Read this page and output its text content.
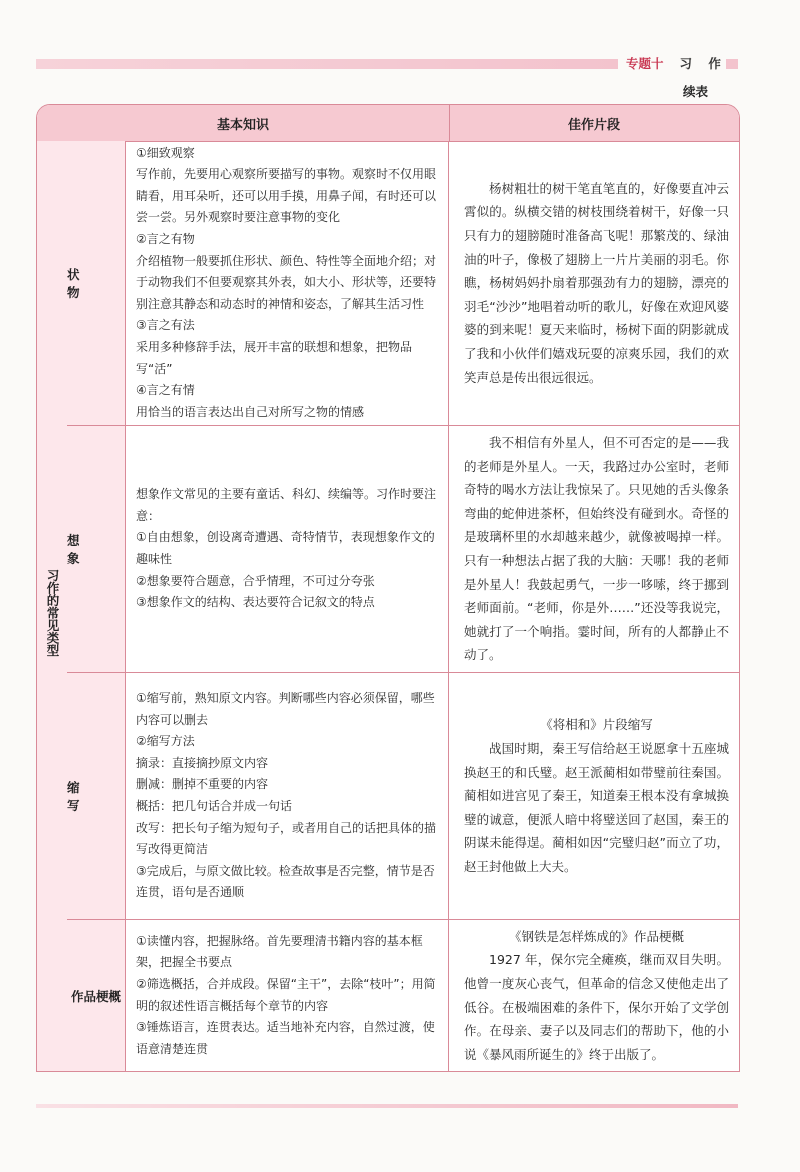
专题十 习 作
续表
基本知识	佳作片段
习作的常见类型
状 物
①细致观察
写作前，先要用心观察所要描写的事物。观察时不仅用眼睛看，用耳朵听，还可以用手摸，用鼻子闻，有时还可以尝一尝。另外观察时要注意事物的变化
②言之有物
介绍植物一般要抓住形状、颜色、特性等全面地介绍；对于动物我们不但要观察其外表，如大小、形状等，还要特别注意其静态和动态时的神情和姿态，了解其生活习性
③言之有法
采用多种修辞手法，展开丰富的联想和想象，把物品写“活”
④言之有情
用恰当的语言表达出自己对所写之物的情感
杨树粗壮的树干笔直笔直的，好像要直冲云霄似的。纵横交错的树枝围绕着树干，好像一只只有力的翅膀随时准备高飞呢！那繁茂的、绿油油的叶子，像极了翅膀上一片片美丽的羽毛。你瞧，杨树妈妈扑扇着那强劲有力的翅膀，漂亮的羽毛“沙沙”地唱着动听的歌儿，好像在欢迎风婆婆的到来呢！夏天来临时，杨树下面的阴影就成了我和小伙伴们嬉戏玩耍的凉爽乐园，我们的欢笑声总是传出很远很远。
想 象
想象作文常见的主要有童话、科幻、续编等。习作时要注意：
①自由想象，创设离奇遭遇、奇特情节，表现想象作文的趣味性
②想象要符合题意，合乎情理，不可过分夸张
③想象作文的结构、表达要符合记叙文的特点
我不相信有外星人，但不可否定的是——我的老师是外星人。一天，我路过办公室时，老师奇特的喝水方法让我惊呆了。只见她的舌头像条弯曲的蛇伸进茶杯，但始终没有碰到水。奇怪的是玻璃杯里的水却越来越少，就像被喝掉一样。只有一种想法占据了我的大脑：天哪！我的老师是外星人！我鼓起勇气，一步一哆嗦，终于挪到老师面前。“老师，你是外……”还没等我说完，她就打了一个响指。霎时间，所有的人都静止不动了。
缩 写
①缩写前，熟知原文内容。判断哪些内容必须保留，哪些内容可以删去
②缩写方法
摘录：直接摘抄原文内容
删减：删掉不重要的内容
概括：把几句话合并成一句话
改写：把长句子缩为短句子，或者用自己的话把具体的描写改得更简洁
③完成后，与原文做比较。检查故事是否完整，情节是否连贯，语句是否通顺
《将相和》片段缩写
战国时期，秦王写信给赵王说愿拿十五座城换赵王的和氏璧。赵王派蔺相如带璧前往秦国。蔺相如进宫见了秦王，知道秦王根本没有拿城换璧的诚意，便派人暗中将璧送回了赵国，秦王的阴谋未能得逞。蔺相如因“完璧归赵”而立了功，赵王封他做上大夫。
作品梗概
①读懂内容，把握脉络。首先要理清书籍内容的基本框架，把握全书要点
②筛选概括，合并成段。保留“主干”，去除“枝叶”；用简明的叙述性语言概括每个章节的内容
③锤炼语言，连贯表达。适当地补充内容，自然过渡，使语意清楚连贯
《钢铁是怎样炼成的》作品梗概
1927 年，保尔完全瘫痪，继而双目失明。他曾一度灰心丧气，但革命的信念又使他走出了低谷。在极端困难的条件下，保尔开始了文学创作。在母亲、妻子以及同志们的帮助下，他的小说《暴风雨所诞生的》终于出版了。
